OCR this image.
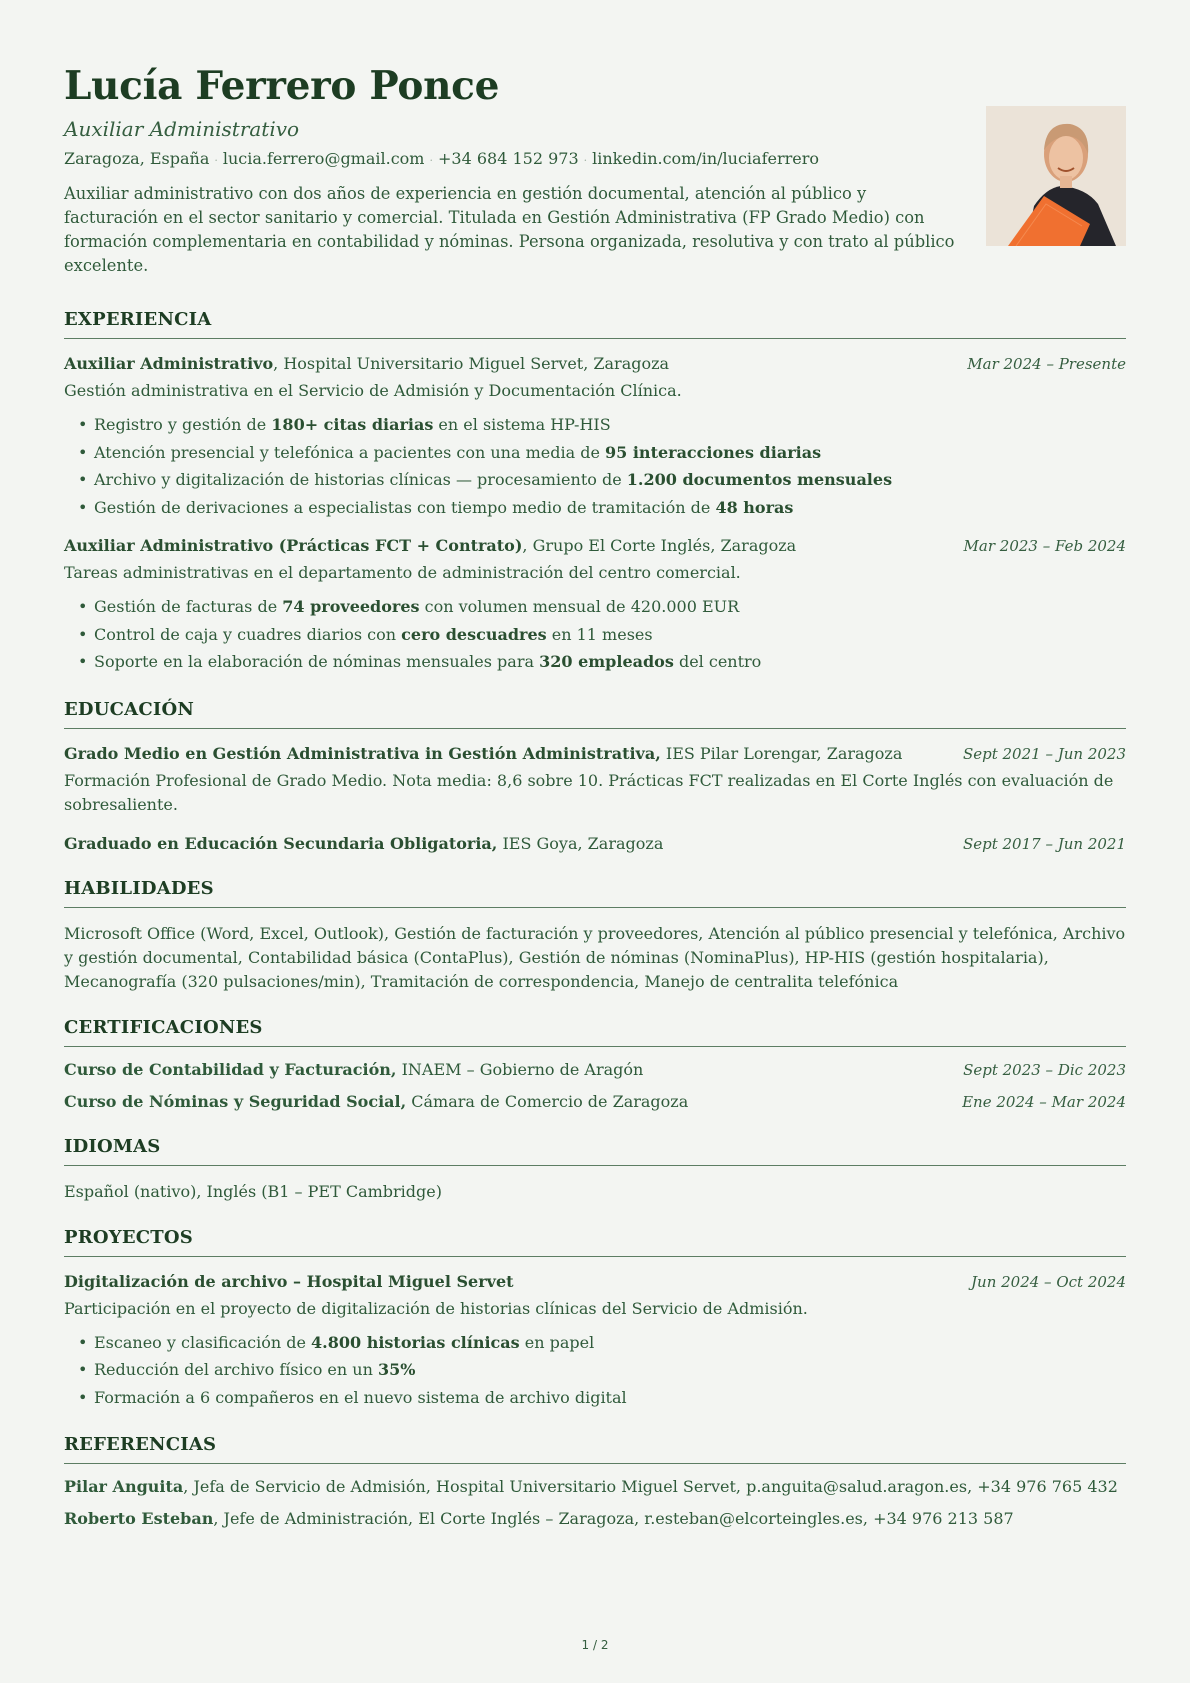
Lucía Ferrero Ponce
Auxiliar Administrativo
Zaragoza, España · lucia.ferrero@gmail.com · +34 684 152 973 · linkedin.com/in/luciaferrero
Auxiliar administrativo con dos años de experiencia en gestión documental, atención al público y facturación en el sector sanitario y comercial. Titulada en Gestión Administrativa (FP Grado Medio) con formación complementaria en contabilidad y nóminas. Persona organizada, resolutiva y con trato al público excelente.
EXPERIENCIA
Auxiliar Administrativo, Hospital Universitario Miguel Servet, Zaragoza	Mar 2024 – Presente
Gestión administrativa en el Servicio de Admisión y Documentación Clínica.
• Registro y gestión de 180+ citas diarias en el sistema HP-HIS
• Atención presencial y telefónica a pacientes con una media de 95 interacciones diarias
• Archivo y digitalización de historias clínicas — procesamiento de 1.200 documentos mensuales
• Gestión de derivaciones a especialistas con tiempo medio de tramitación de 48 horas
Auxiliar Administrativo (Prácticas FCT + Contrato), Grupo El Corte Inglés, Zaragoza	Mar 2023 – Feb 2024
Tareas administrativas en el departamento de administración del centro comercial.
• Gestión de facturas de 74 proveedores con volumen mensual de 420.000 EUR
• Control de caja y cuadres diarios con cero descuadres en 11 meses
• Soporte en la elaboración de nóminas mensuales para 320 empleados del centro
EDUCACIÓN
Grado Medio en Gestión Administrativa in Gestión Administrativa, IES Pilar Lorengar, Zaragoza	Sept 2021 – Jun 2023
Formación Profesional de Grado Medio. Nota media: 8,6 sobre 10. Prácticas FCT realizadas en El Corte Inglés con evaluación de sobresaliente.
Graduado en Educación Secundaria Obligatoria, IES Goya, Zaragoza	Sept 2017 – Jun 2021
HABILIDADES
Microsoft Office (Word, Excel, Outlook), Gestión de facturación y proveedores, Atención al público presencial y telefónica, Archivo y gestión documental, Contabilidad básica (ContaPlus), Gestión de nóminas (NominaPlus), HP-HIS (gestión hospitalaria), Mecanografía (320 pulsaciones/min), Tramitación de correspondencia, Manejo de centralita telefónica
CERTIFICACIONES
Curso de Contabilidad y Facturación, INAEM – Gobierno de Aragón	Sept 2023 – Dic 2023
Curso de Nóminas y Seguridad Social, Cámara de Comercio de Zaragoza	Ene 2024 – Mar 2024
IDIOMAS
Español (nativo), Inglés (B1 – PET Cambridge)
PROYECTOS
Digitalización de archivo – Hospital Miguel Servet	Jun 2024 – Oct 2024
Participación en el proyecto de digitalización de historias clínicas del Servicio de Admisión.
• Escaneo y clasificación de 4.800 historias clínicas en papel
• Reducción del archivo físico en un 35%
• Formación a 6 compañeros en el nuevo sistema de archivo digital
REFERENCIAS
Pilar Anguita, Jefa de Servicio de Admisión, Hospital Universitario Miguel Servet, p.anguita@salud.aragon.es, +34 976 765 432
Roberto Esteban, Jefe de Administración, El Corte Inglés – Zaragoza, r.esteban@elcorteingles.es, +34 976 213 587
1 / 2
